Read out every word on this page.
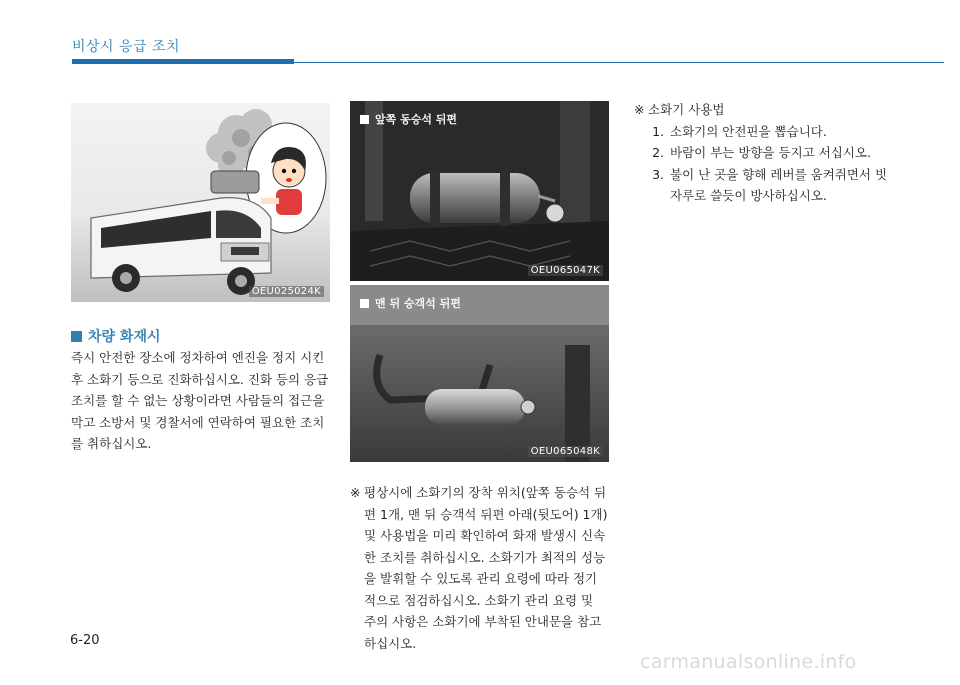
비상시 응급 조치
OEU025024K
앞쪽 동승석 뒤편
OEU065047K
맨 뒤 승객석 뒤편
OEU065048K
차량 화재시
즉시 안전한 장소에 정차하여 엔진을 정지 시킨
후 소화기 등으로 진화하십시오. 진화 등의 응급
조치를 할 수 없는 상황이라면 사람들의 접근을
막고 소방서 및 경찰서에 연락하여 필요한 조치
를 취하십시오.
※ 평상시에 소화기의 장착 위치(앞쪽 동승석 뒤
편 1개, 맨 뒤 승객석 뒤편 아래(뒷도어) 1개)
및 사용법을 미리 확인하여 화재 발생시 신속
한 조치를 취하십시오. 소화기가 최적의 성능
을 발휘할 수 있도록 관리 요령에 따라 정기
적으로 점검하십시오. 소화기 관리 요령 및
주의 사항은 소화기에 부착된 안내문을 참고
하십시오.
※ 소화기 사용법
1. 소화기의 안전핀을 뽑습니다.
2. 바람이 부는 방향을 등지고 서십시오.
3. 불이 난 곳을 향해 레버를 움켜쥐면서 빗
자루로 쓸듯이 방사하십시오.
6-20
carmanualsonline.info
